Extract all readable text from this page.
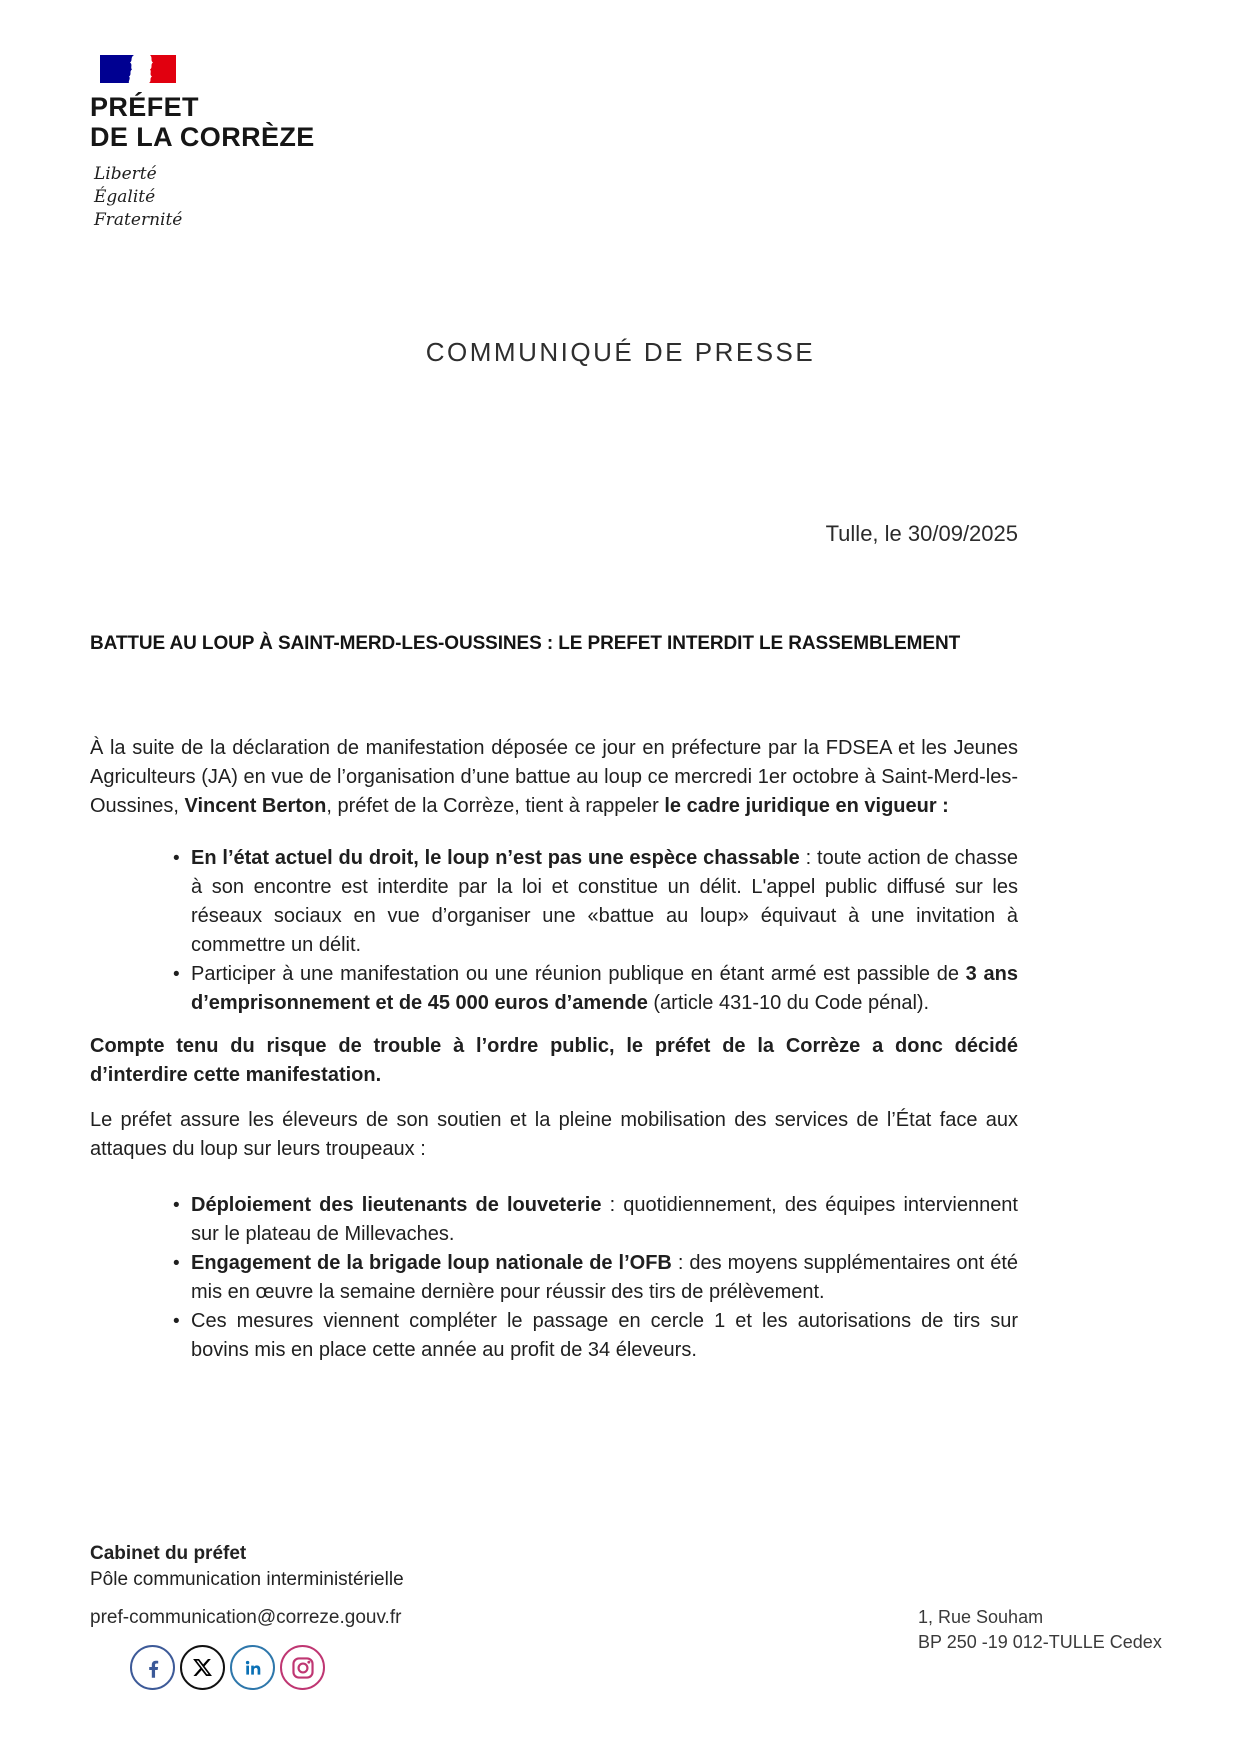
PRÉFET
DE LA CORRÈZE
Liberté
Égalité
Fraternité
COMMUNIQUÉ DE PRESSE
Tulle, le 30/09/2025
BATTUE AU LOUP À SAINT-MERD-LES-OUSSINES : LE PREFET INTERDIT LE RASSEMBLEMENT

À la suite de la déclaration de manifestation déposée ce jour en préfecture par la FDSEA et les Jeunes Agriculteurs (JA) en vue de l’organisation d’une battue au loup ce mercredi 1er octobre à Saint-Merd-les-Oussines, Vincent Berton, préfet de la Corrèze, tient à rappeler le cadre juridique en vigueur :

• En l’état actuel du droit, le loup n’est pas une espèce chassable : toute action de chasse à son encontre est interdite par la loi et constitue un délit. L'appel public diffusé sur les réseaux sociaux en vue d’organiser une «battue au loup» équivaut à une invitation à commettre un délit.
• Participer à une manifestation ou une réunion publique en étant armé est passible de 3 ans d’emprisonnement et de 45 000 euros d’amende (article 431-10 du Code pénal).

Compte tenu du risque de trouble à l’ordre public, le préfet de la Corrèze a donc décidé d’interdire cette manifestation.

Le préfet assure les éleveurs de son soutien et la pleine mobilisation des services de l’État face aux attaques du loup sur leurs troupeaux :

• Déploiement des lieutenants de louveterie : quotidiennement, des équipes interviennent sur le plateau de Millevaches.
• Engagement de la brigade loup nationale de l’OFB : des moyens supplémentaires ont été mis en œuvre la semaine dernière pour réussir des tirs de prélèvement.
• Ces mesures viennent compléter le passage en cercle 1 et les autorisations de tirs sur bovins mis en place cette année au profit de 34 éleveurs.
Cabinet du préfet
Pôle communication interministérielle
pref-communication@correze.gouv.fr	1, Rue Souham
BP 250 -19 012-TULLE Cedex
